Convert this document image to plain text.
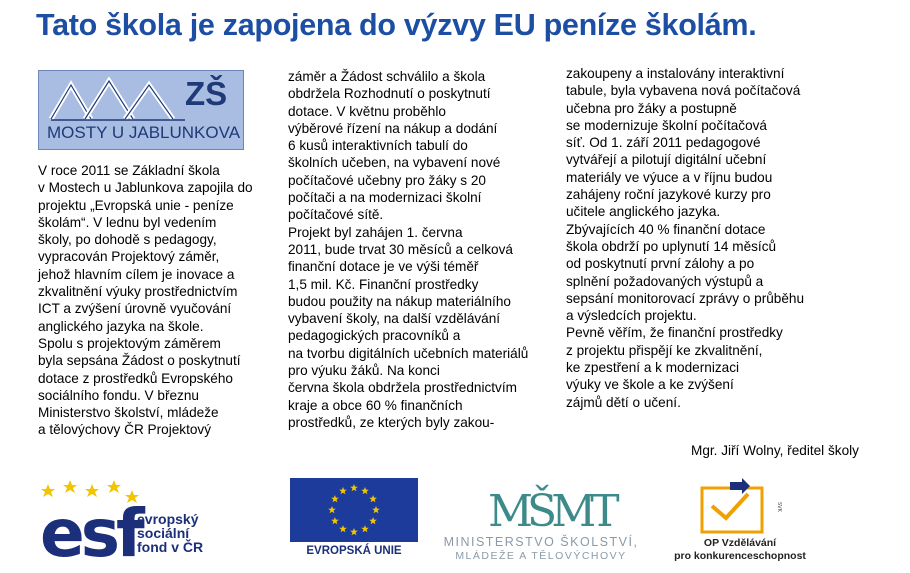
Tato škola je zapojena do výzvy EU peníze školám.
ZŠ
MOSTY U JABLUNKOVA
V roce 2011 se Základní škola
v Mostech u Jablunkova zapojila do
projektu „Evropská unie - peníze
školám“. V lednu byl vedením
školy, po dohodě s pedagogy,
vypracován Projektový záměr,
jehož hlavním cílem je inovace a
zkvalitnění výuky prostřednictvím
ICT a zvýšení úrovně vyučování
anglického jazyka na škole.
Spolu s projektovým záměrem
byla sepsána Žádost o poskytnutí
dotace z prostředků Evropského
sociálního fondu. V březnu
Ministerstvo školství, mládeže
a tělovýchovy ČR Projektový
záměr a Žádost schválilo a škola
obdržela Rozhodnutí o poskytnutí
dotace. V květnu proběhlo
výběrové řízení na nákup a dodání
6 kusů interaktivních tabulí do
školních učeben, na vybavení nové
počítačové učebny pro žáky s 20
počítači a na modernizaci školní
počítačové sítě.
Projekt byl zahájen 1. června
2011, bude trvat 30 měsíců a celková
finanční dotace je ve výši téměř
1,5 mil. Kč. Finanční prostředky
budou použity na nákup materiálního
vybavení školy, na další vzdělávání
pedagogických pracovníků a
na tvorbu digitálních učebních materiálů
pro výuku žáků. Na konci
června škola obdržela prostřednictvím
kraje a obce 60 % finančních
prostředků, ze kterých byly zakou-
zakoupeny a instalovány interaktivní
tabule, byla vybavena nová počítačová
učebna pro žáky a postupně
se modernizuje školní počítačová
síť. Od 1. září 2011 pedagogové
vytvářejí a pilotují digitální učební
materiály ve výuce a v říjnu budou
zahájeny roční jazykové kurzy pro
učitele anglického jazyka.
Zbývajících 40 % finanční dotace
škola obdrží po uplynutí 14 měsíců
od poskytnutí první zálohy a po
splnění požadovaných výstupů a
sepsání monitorovací zprávy o průběhu
a výsledcích projektu.
Pevně věřím, že finanční prostředky
z projektu přispějí ke zkvalitnění,
ke zpestření a k modernizaci
výuky ve škole a ke zvýšení
zájmů dětí o učení.
Mgr. Jiří Wolny, ředitel školy
esf
evropský
sociální
fond v ČR	EVROPSKÁ UNIE
MŠMT
MINISTERSTVO ŠKOLSTVÍ,
MLÁDEŽE A TĚLOVÝCHOVY
SVK
OP Vzdělávání
pro konkurenceschopnost
